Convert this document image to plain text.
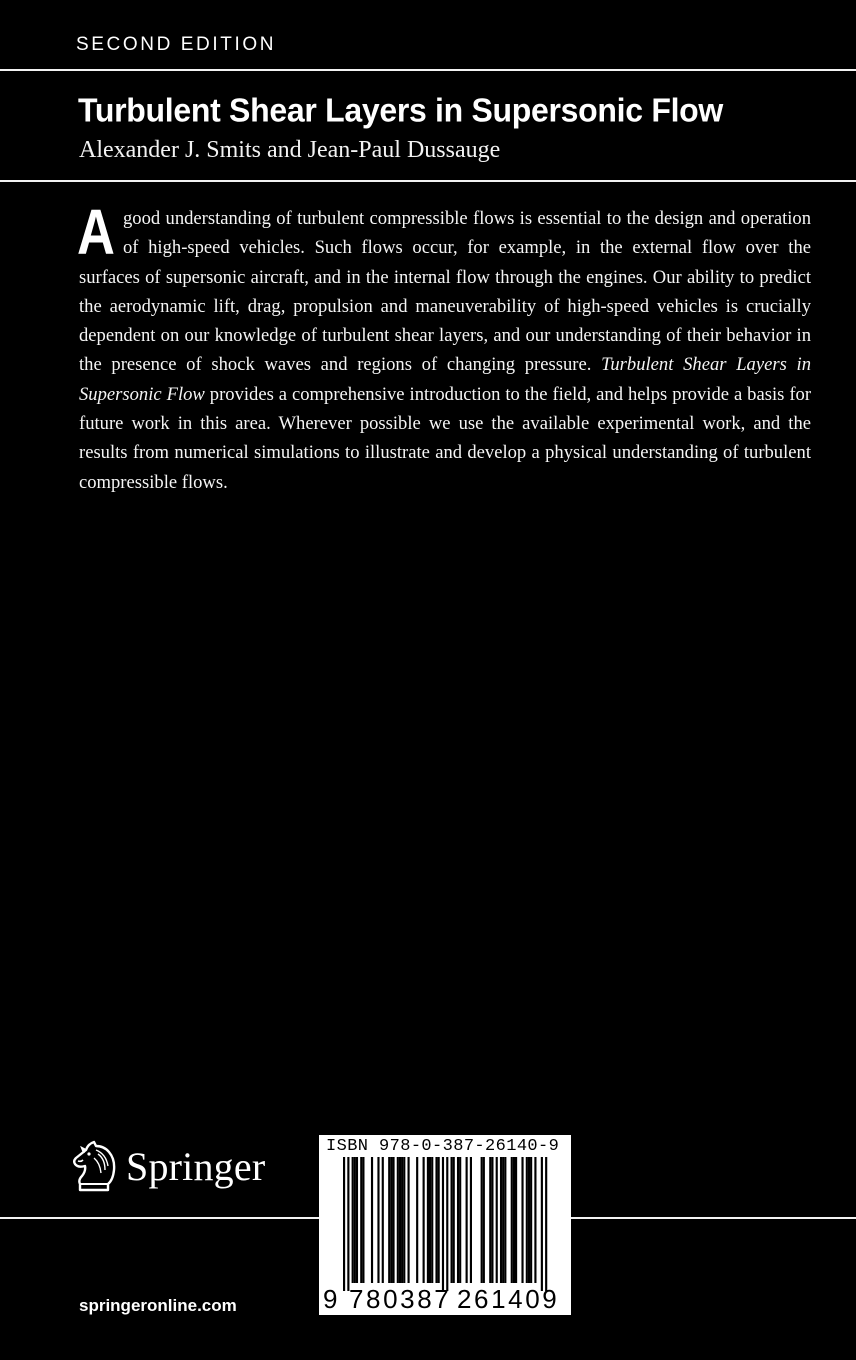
SECOND EDITION
Turbulent Shear Layers in Supersonic Flow
Alexander J. Smits and Jean-Paul Dussauge
Agood understanding of turbulent compressible flows is essential to the design and operation of high-speed vehicles. Such flows occur, for example, in the external flow over the surfaces of supersonic aircraft, and in the internal flow through the engines. Our ability to predict the aerodynamic lift, drag, propulsion and maneuverability of high-speed vehicles is crucially dependent on our knowledge of turbulent shear layers, and our understanding of their behavior in the presence of shock waves and regions of changing pressure. Turbulent Shear Layers in Supersonic Flow provides a comprehensive introduction to the field, and helps provide a basis for future work in this area. Wherever possible we use the available experimental work, and the results from numerical simulations to illustrate and develop a physical understanding of turbulent compressible flows.
Springer
springeronline.com
ISBN 978-0-387-26140-9
9 780387 261409
